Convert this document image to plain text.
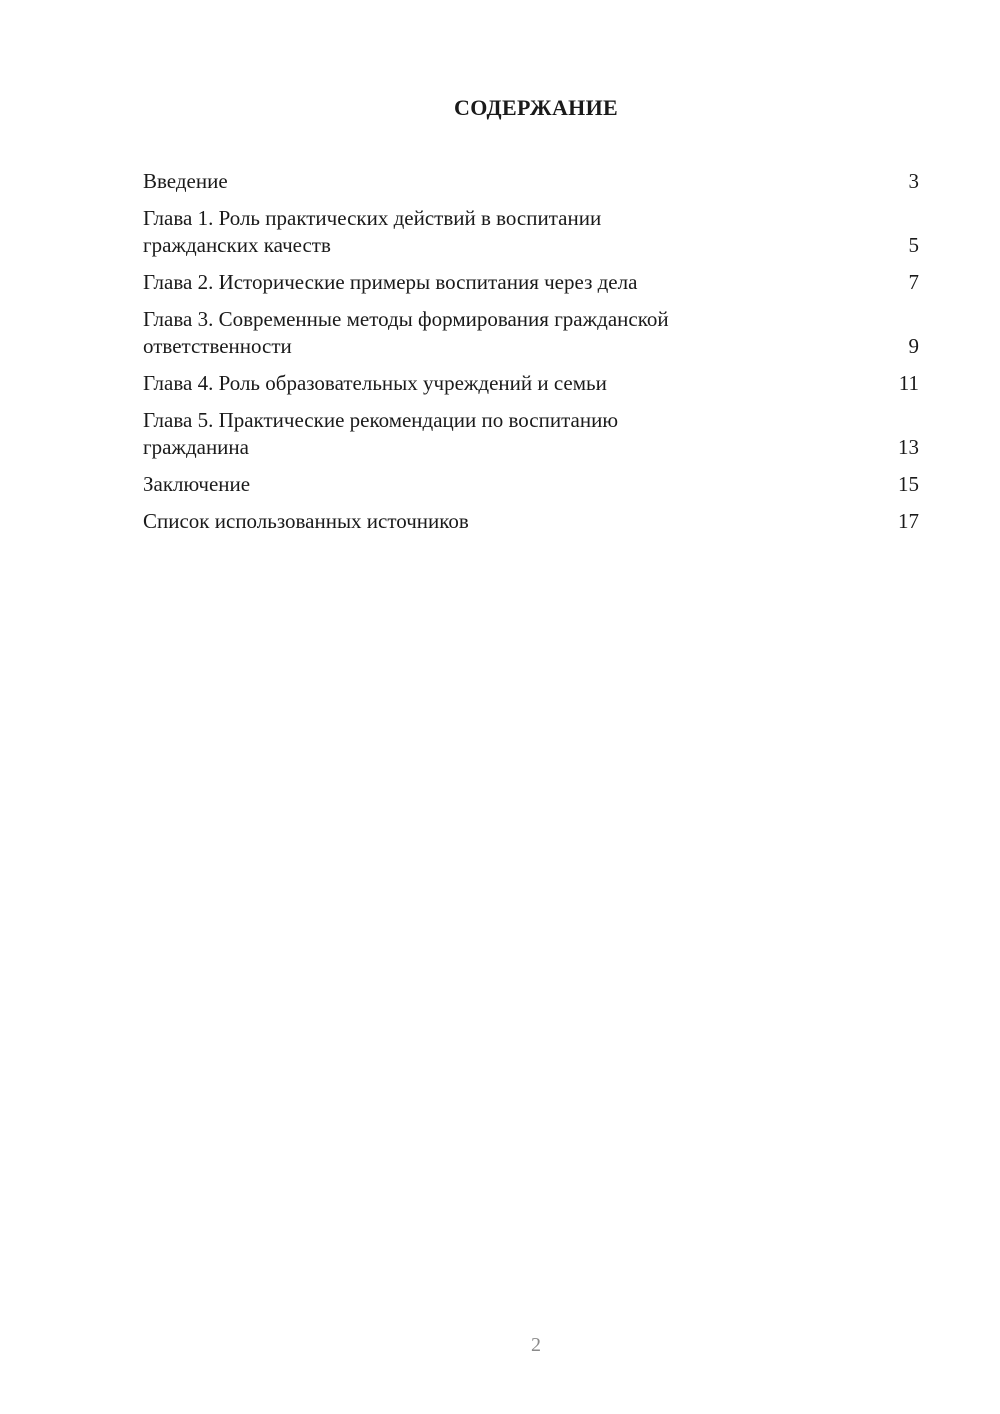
СОДЕРЖАНИЕ
Введение	3
Глава 1. Роль практических действий в воспитании
гражданских качеств	5
Глава 2. Исторические примеры воспитания через дела	7
Глава 3. Современные методы формирования гражданской
ответственности	9
Глава 4. Роль образовательных учреждений и семьи	11
Глава 5. Практические рекомендации по воспитанию
гражданина	13
Заключение	15
Список использованных источников	17
2
